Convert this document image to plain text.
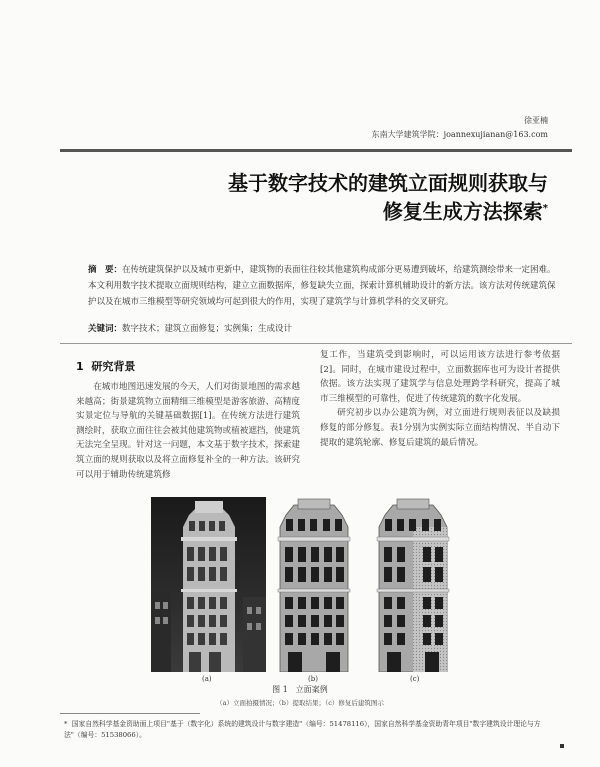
徐亚楠
东南大学建筑学院：joannexujianan@163.com
基于数字技术的建筑立面规则获取与
修复生成方法探索*
摘　要：在传统建筑保护以及城市更新中，建筑物的表面往往较其他建筑构成部分更易遭到破坏，给建筑测绘带来一定困难。本文利用数字技术提取立面规则结构，建立立面数据库，修复缺失立面，探索计算机辅助设计的新方法。该方法对传统建筑保护以及在城市三维模型等研究领域均可起到很大的作用，实现了建筑学与计算机学科的交叉研究。
关键词：数字技术；建筑立面修复；实例集；生成设计
1 研究背景

在城市地图迅速发展的今天，人们对街景地图的需求越来越高；街景建筑物立面精细三维模型是游客旅游、高精度实景定位与导航的关键基础数据[1]。在传统方法进行建筑测绘时，获取立面往往会被其他建筑物或植被遮挡，使建筑无法完全呈现。针对这一问题，本文基于数字技术，探索建筑立面的规则获取以及将立面修复补全的一种方法。该研究可以用于辅助传统建筑修

复工作，当建筑受到影响时，可以运用该方法进行参考依据[2]。同时，在城市建设过程中，立面数据库也可为设计者提供依据。该方法实现了建筑学与信息处理跨学科研究，提高了城市三维模型的可靠性，促进了传统建筑的数字化发展。

研究初步以办公建筑为例，对立面进行规则表征以及缺损修复的部分修复。表1分别为实例实际立面结构情况、半自动下提取的建筑轮廓、修复后建筑的最后情况。

(a)	(b)	(c)
图 1　立面案例
（a）立面拍摄情况；（b）提取结果；（c）修复后建筑图示
* 国家自然科学基金资助面上项目"基于（数字化）系统的建筑设计与数字建造"（编号：51478116），国家自然科学基金资助青年项目"数字建筑设计理论与方法"（编号：51538066）。
